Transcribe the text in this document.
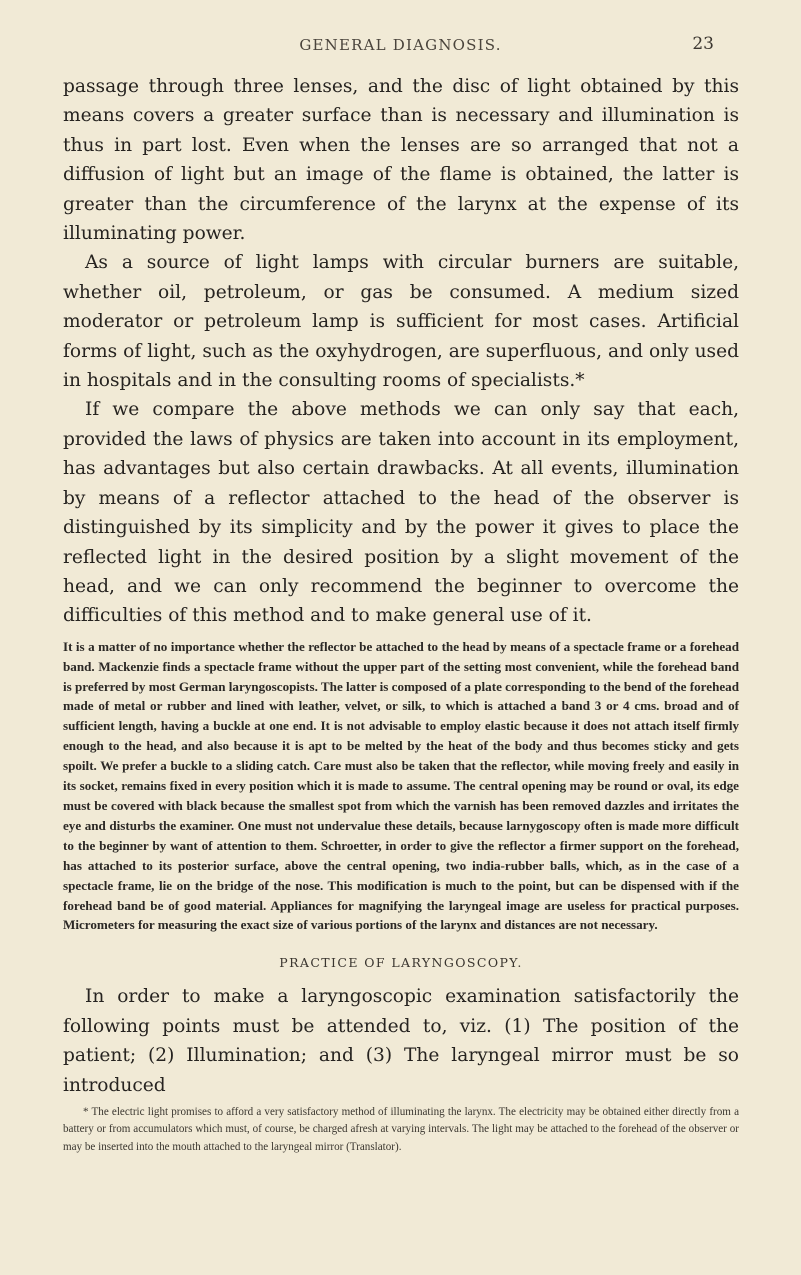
GENERAL DIAGNOSIS.	23

passage through three lenses, and the disc of light obtained by this means covers a greater surface than is necessary and illumination is thus in part lost. Even when the lenses are so arranged that not a diffusion of light but an image of the flame is obtained, the latter is greater than the circumference of the larynx at the expense of its illuminating power.

As a source of light lamps with circular burners are suitable, whether oil, petroleum, or gas be consumed. A medium sized moderator or petroleum lamp is sufficient for most cases. Artificial forms of light, such as the oxyhydrogen, are superfluous, and only used in hospitals and in the consulting rooms of specialists.*

If we compare the above methods we can only say that each, provided the laws of physics are taken into account in its employment, has advantages but also certain drawbacks. At all events, illumination by means of a reflector attached to the head of the observer is distinguished by its simplicity and by the power it gives to place the reflected light in the desired position by a slight movement of the head, and we can only recommend the beginner to overcome the difficulties of this method and to make general use of it.

It is a matter of no importance whether the reflector be attached to the head by means of a spectacle frame or a forehead band. Mackenzie finds a spectacle frame without the upper part of the setting most convenient, while the forehead band is preferred by most German laryngoscopists. The latter is composed of a plate corresponding to the bend of the forehead made of metal or rubber and lined with leather, velvet, or silk, to which is attached a band 3 or 4 cms. broad and of sufficient length, having a buckle at one end. It is not advisable to employ elastic because it does not attach itself firmly enough to the head, and also because it is apt to be melted by the heat of the body and thus becomes sticky and gets spoilt. We prefer a buckle to a sliding catch. Care must also be taken that the reflector, while moving freely and easily in its socket, remains fixed in every position which it is made to assume. The central opening may be round or oval, its edge must be covered with black because the smallest spot from which the varnish has been removed dazzles and irritates the eye and disturbs the examiner. One must not undervalue these details, because larnygoscopy often is made more difficult to the beginner by want of attention to them. Schroetter, in order to give the reflector a firmer support on the forehead, has attached to its posterior surface, above the central opening, two india-rubber balls, which, as in the case of a spectacle frame, lie on the bridge of the nose. This modification is much to the point, but can be dispensed with if the forehead band be of good material. Appliances for magnifying the laryngeal image are useless for practical purposes. Micrometers for measuring the exact size of various portions of the larynx and distances are not necessary.

PRACTICE OF LARYNGOSCOPY.

In order to make a laryngoscopic examination satisfactorily the following points must be attended to, viz. (1) The position of the patient; (2) Illumination; and (3) The laryngeal mirror must be so introduced

* The electric light promises to afford a very satisfactory method of illuminating the larynx. The electricity may be obtained either directly from a battery or from accumulators which must, of course, be charged afresh at varying intervals. The light may be attached to the forehead of the observer or may be inserted into the mouth attached to the laryngeal mirror (Translator).
